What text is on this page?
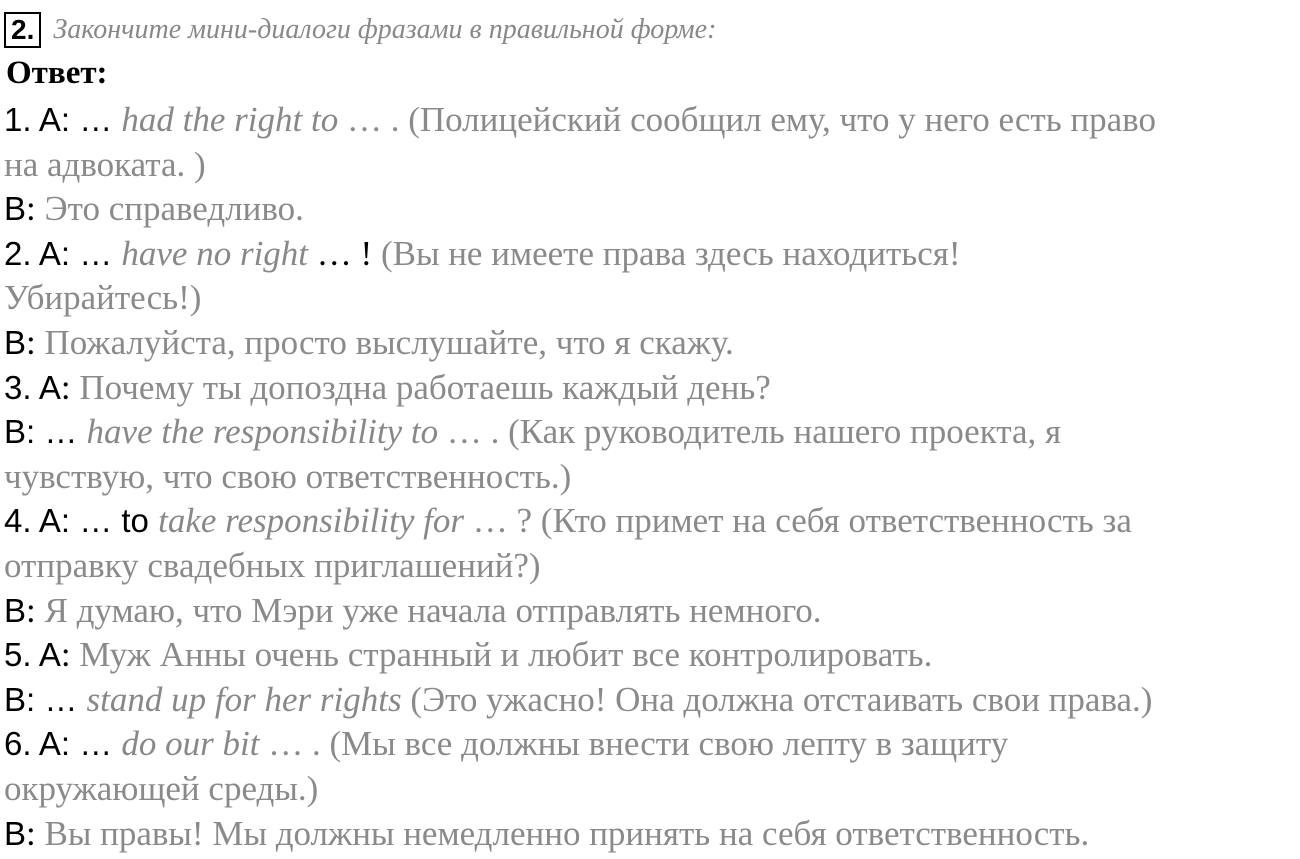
2. Закончите мини-диалоги фразами в правильной форме:
Ответ:
1. A: … had the right to … . (Полицейский сообщил ему, что у него есть право
на адвоката. )
B: Это справедливо.
2. A: … have no right … ! (Вы не имеете права здесь находиться!
Убирайтесь!)
B: Пожалуйста, просто выслушайте, что я скажу.
3. A: Почему ты допоздна работаешь каждый день?
B: … have the responsibility to … . (Как руководитель нашего проекта, я
чувствую, что свою ответственность.)
4. A: … to take responsibility for … ? (Кто примет на себя ответственность за
отправку свадебных приглашений?)
B: Я думаю, что Мэри уже начала отправлять немного.
5. A: Муж Анны очень странный и любит все контролировать.
B: … stand up for her rights (Это ужасно! Она должна отстаивать свои права.)
6. A: … do our bit … . (Мы все должны внести свою лепту в защиту
окружающей среды.)
B: Вы правы! Мы должны немедленно принять на себя ответственность.
